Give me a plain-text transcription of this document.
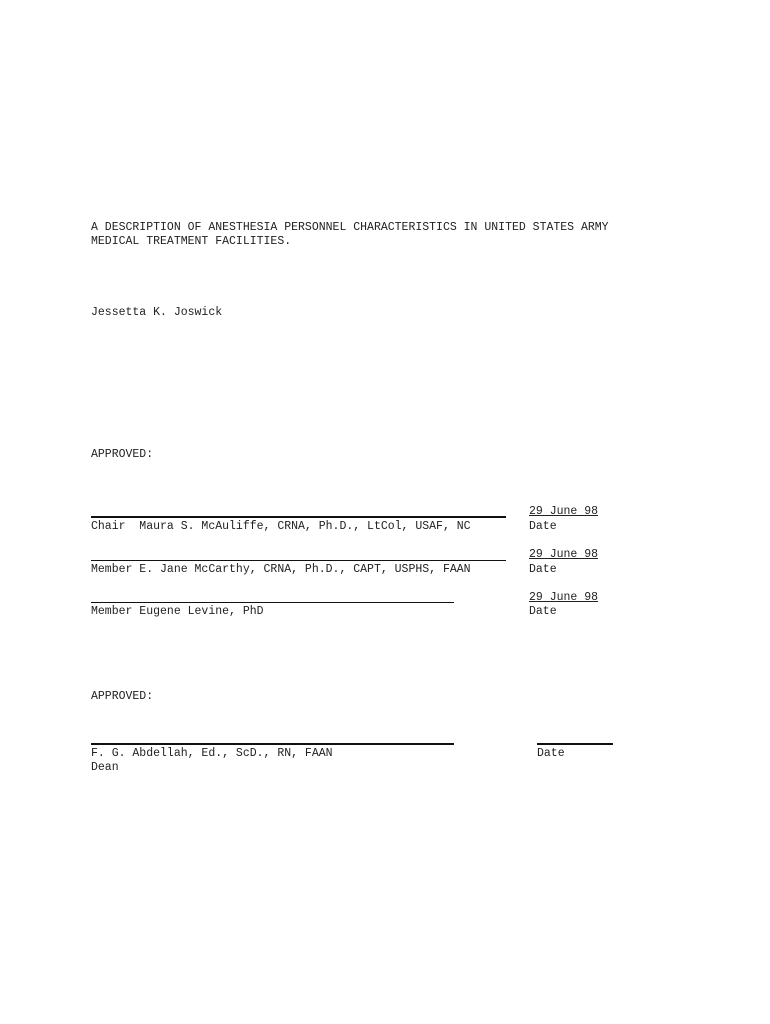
A DESCRIPTION OF ANESTHESIA PERSONNEL CHARACTERISTICS IN UNITED STATES ARMY
MEDICAL TREATMENT FACILITIES.
Jessetta K. Joswick
APPROVED:
29 June 98
Chair  Maura S. McAuliffe, CRNA, Ph.D., LtCol, USAF, NC	Date
29 June 98
Member E. Jane McCarthy, CRNA, Ph.D., CAPT, USPHS, FAAN	Date
29 June 98
Member Eugene Levine, PhD	Date
APPROVED:
F. G. Abdellah, Ed., ScD., RN, FAAN	Date
Dean
